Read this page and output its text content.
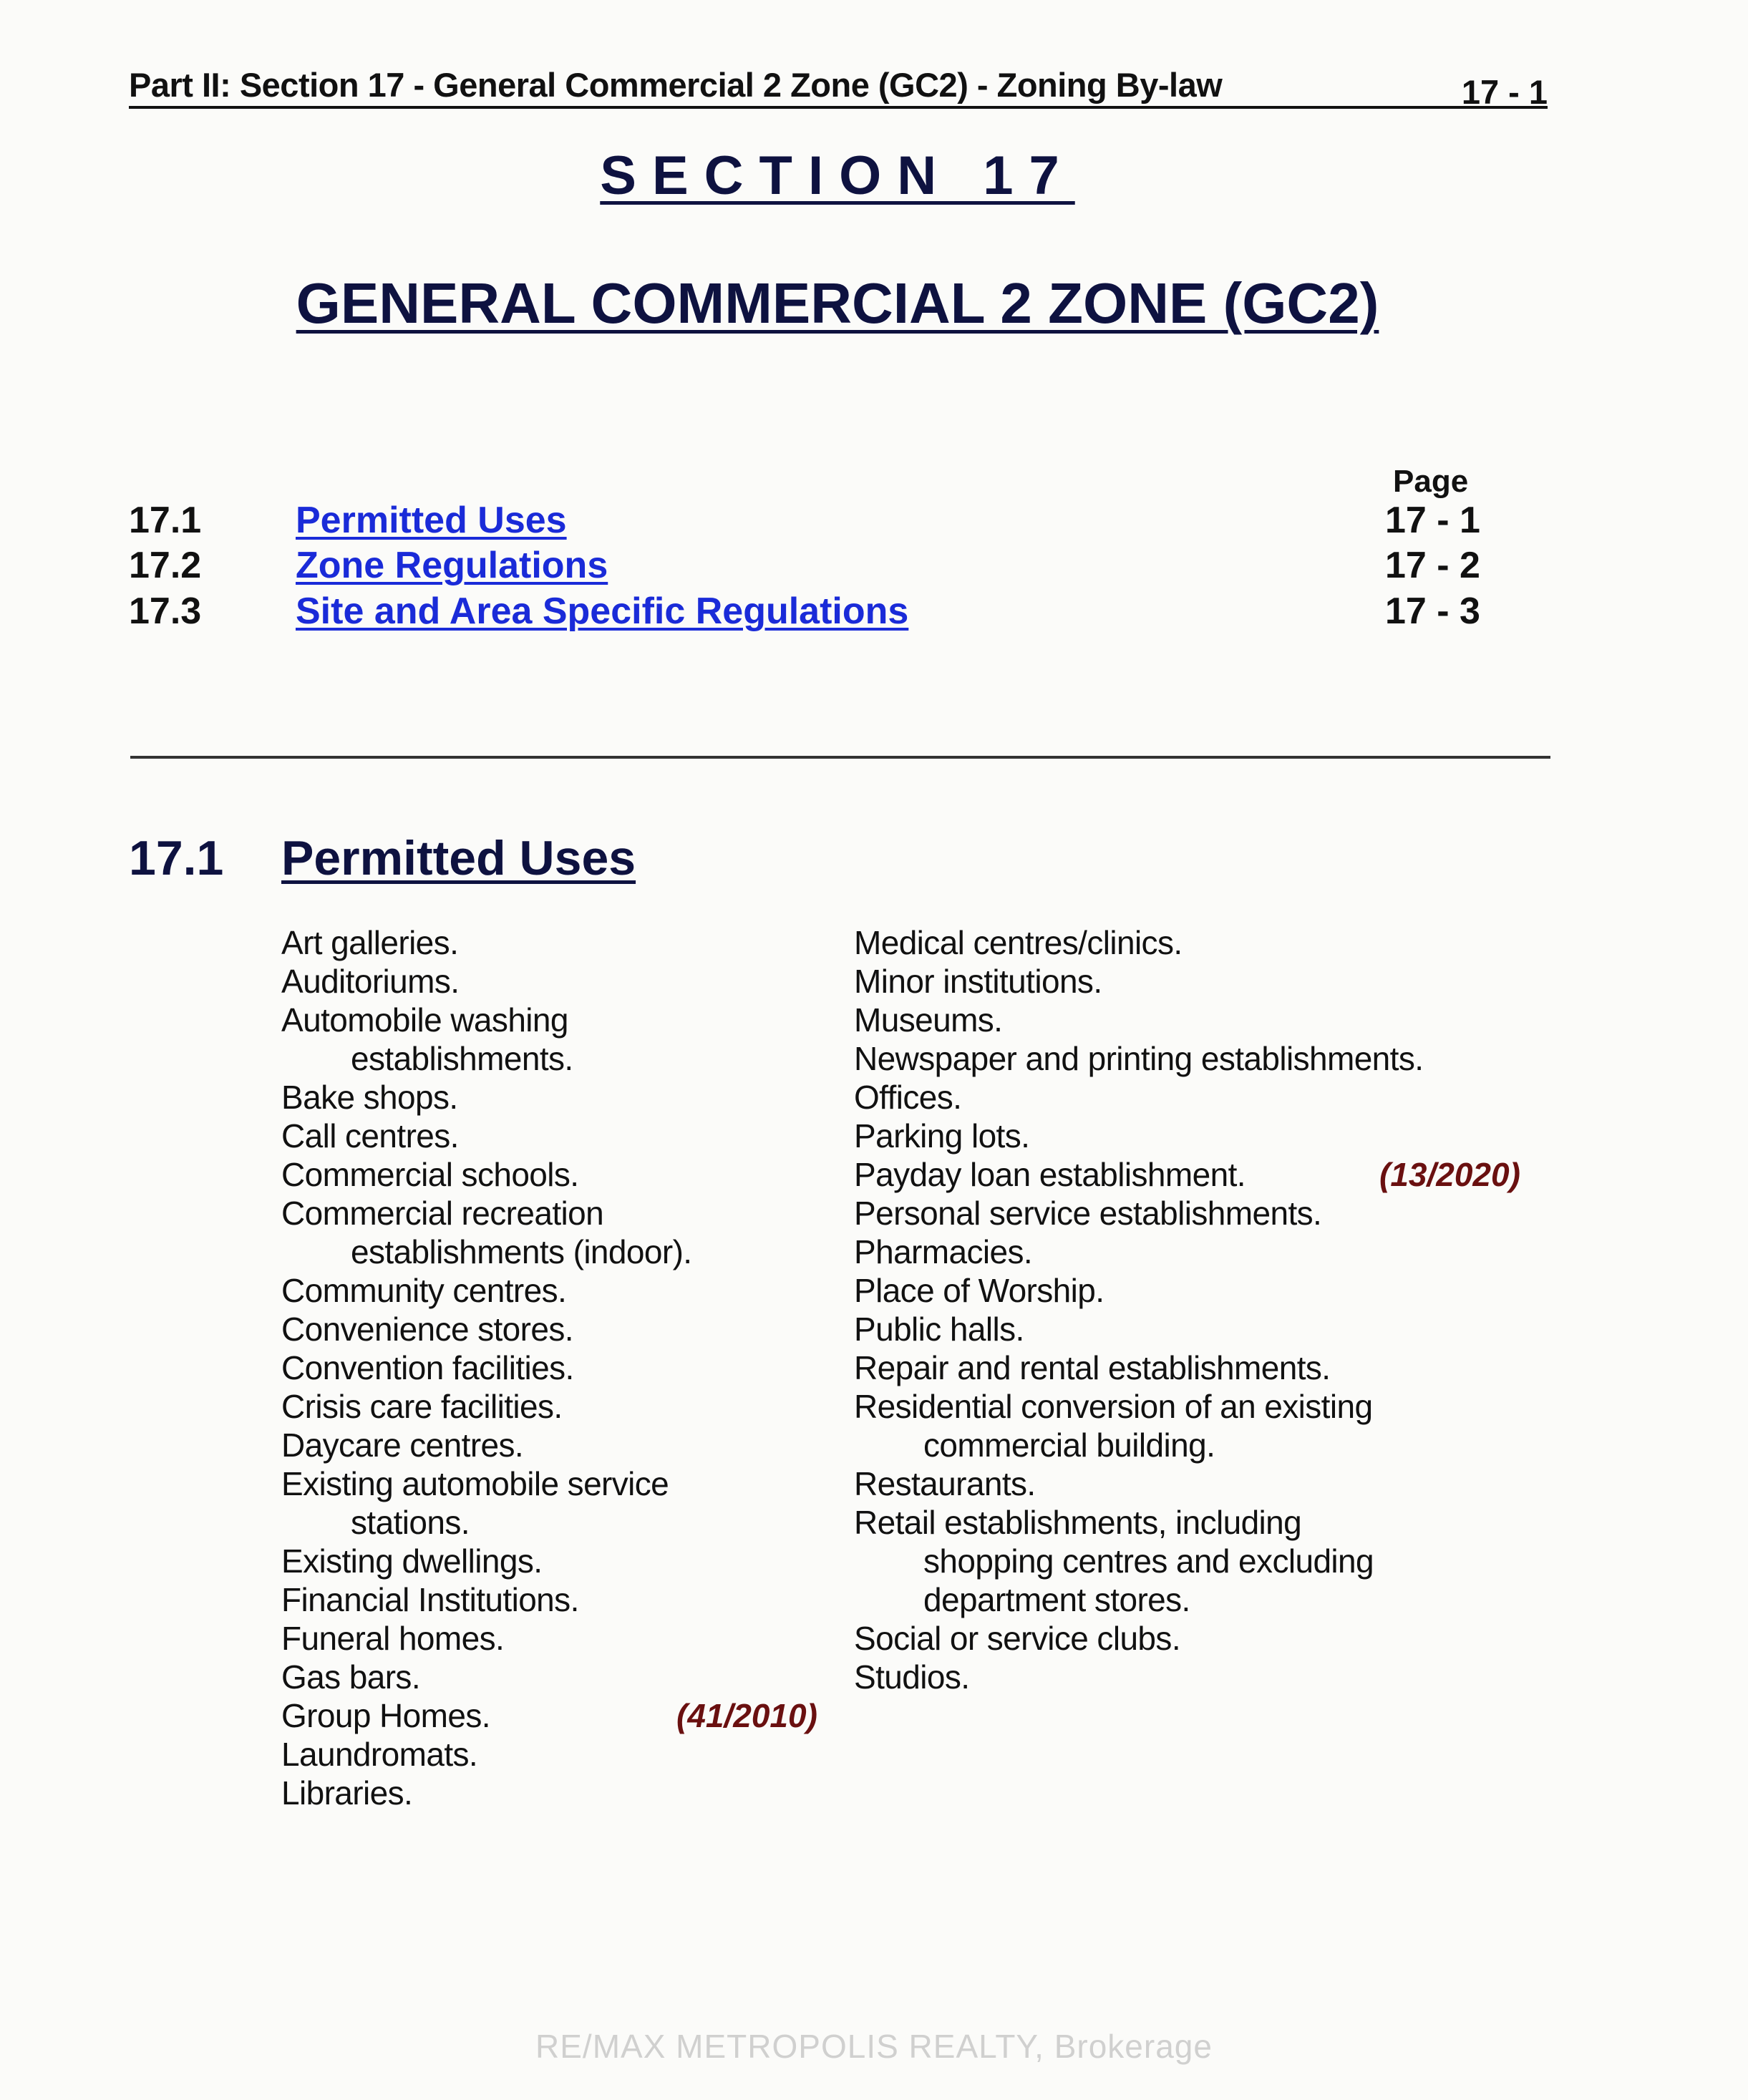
Part II: Section 17 - General Commercial 2 Zone (GC2) - Zoning By-law	17 - 1
SECTION 17
GENERAL COMMERCIAL 2 ZONE (GC2)
Page
17.1	Permitted Uses	17 - 1
17.2	Zone Regulations	17 - 2
17.3	Site and Area Specific Regulations	17 - 3
17.1 Permitted Uses
Art galleries.
Auditoriums.
Automobile washing
establishments.
Bake shops.
Call centres.
Commercial schools.
Commercial recreation
establishments (indoor).
Community centres.
Convenience stores.
Convention facilities.
Crisis care facilities.
Daycare centres.
Existing automobile service
stations.
Existing dwellings.
Financial Institutions.
Funeral homes.
Gas bars.
Group Homes.	(41/2010)
Laundromats.
Libraries.
Medical centres/clinics.
Minor institutions.
Museums.
Newspaper and printing establishments.
Offices.
Parking lots.
Payday loan establishment.	(13/2020)
Personal service establishments.
Pharmacies.
Place of Worship.
Public halls.
Repair and rental establishments.
Residential conversion of an existing
commercial building.
Restaurants.
Retail establishments, including
shopping centres and excluding
department stores.
Social or service clubs.
Studios.
RE/MAX METROPOLIS REALTY, Brokerage
